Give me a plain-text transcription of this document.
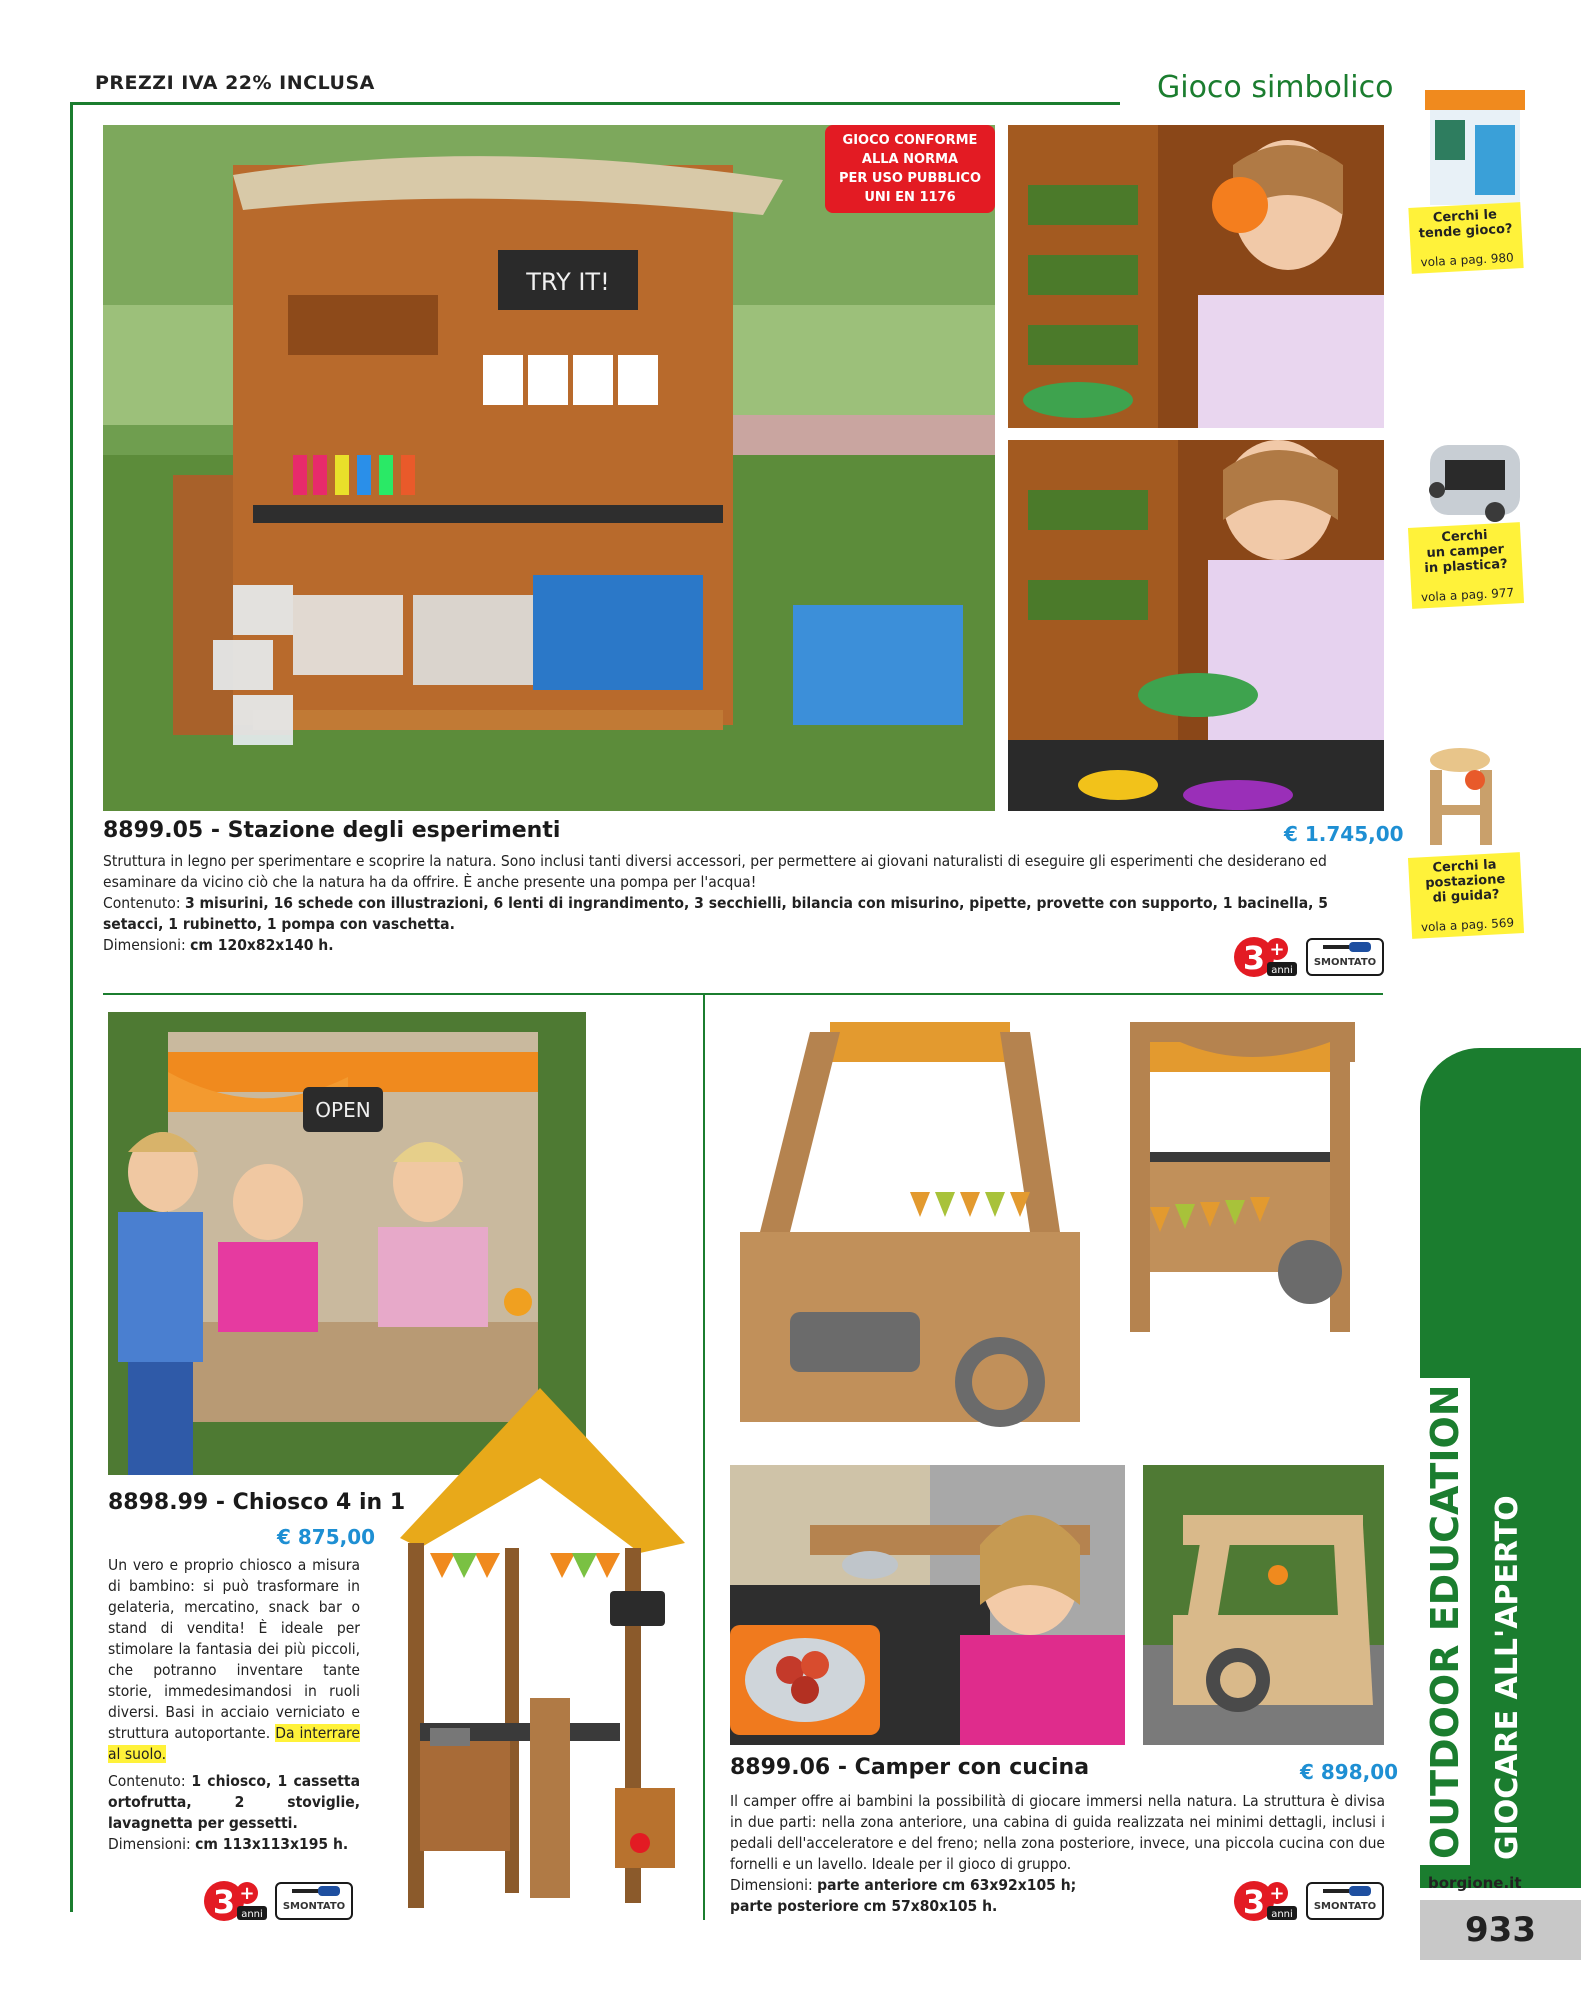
PREZZI IVA 22% INCLUSA	Gioco simbolico
TRY IT!
GIOCO CONFORME
ALLA NORMA
PER USO PUBBLICO
UNI EN 1176
8899.05 - Stazione degli esperimenti	€ 1.745,00
Struttura in legno per sperimentare e scoprire la natura. Sono inclusi tanti diversi accessori, per permettere ai giovani naturalisti di eseguire gli esperimenti che desiderano ed esaminare da vicino ciò che la natura ha da offrire. È anche presente una pompa per l'acqua!
Contenuto: 3 misurini, 16 schede con illustrazioni, 6 lenti di ingrandimento, 3 secchielli, bilancia con misurino, pipette, provette con supporto, 1 bacinella, 5 setacci, 1 rubinetto, 1 pompa con vaschetta.
Dimensioni: cm 120x82x140 h.	3 +
anni
SMONTATO
OPEN
8898.99 - Chiosco 4 in 1
€ 875,00
Un vero e proprio chiosco a misura di bambino: si può trasformare in gelateria, mercatino, snack bar o stand di vendita! È ideale per stimolare la fantasia dei più piccoli, che potranno inventare tante storie, immedesimandosi in ruoli diversi. Basi in acciaio verniciato e struttura autoportante. Da interrare al suolo.
Contenuto: 1 chiosco, 1 cassetta ortofrutta, 2 stoviglie, lavagnetta per gessetti.
Dimensioni: cm 113x113x195 h.
3 +
anni
SMONTATO
8899.06 - Camper con cucina	€ 898,00
Il camper offre ai bambini la possibilità di giocare immersi nella natura. La struttura è divisa in due parti: nella zona anteriore, una cabina di guida realizzata nei minimi dettagli, inclusi i pedali dell'acceleratore e del freno; nella zona posteriore, invece, una piccola cucina con due fornelli e un lavello. Ideale per il gioco di gruppo.
Dimensioni: parte anteriore cm 63x92x105 h;
parte posteriore cm 57x80x105 h.	3 +
anni
SMONTATO
Cerchi le
tende gioco?
vola a pag. 980
Cerchi
un camper
in plastica?
vola a pag. 977
Cerchi la
postazione
di guida?
vola a pag. 569
OUTDOOR EDUCATION GIOCARE ALL'APERTO
borgione.it
933
